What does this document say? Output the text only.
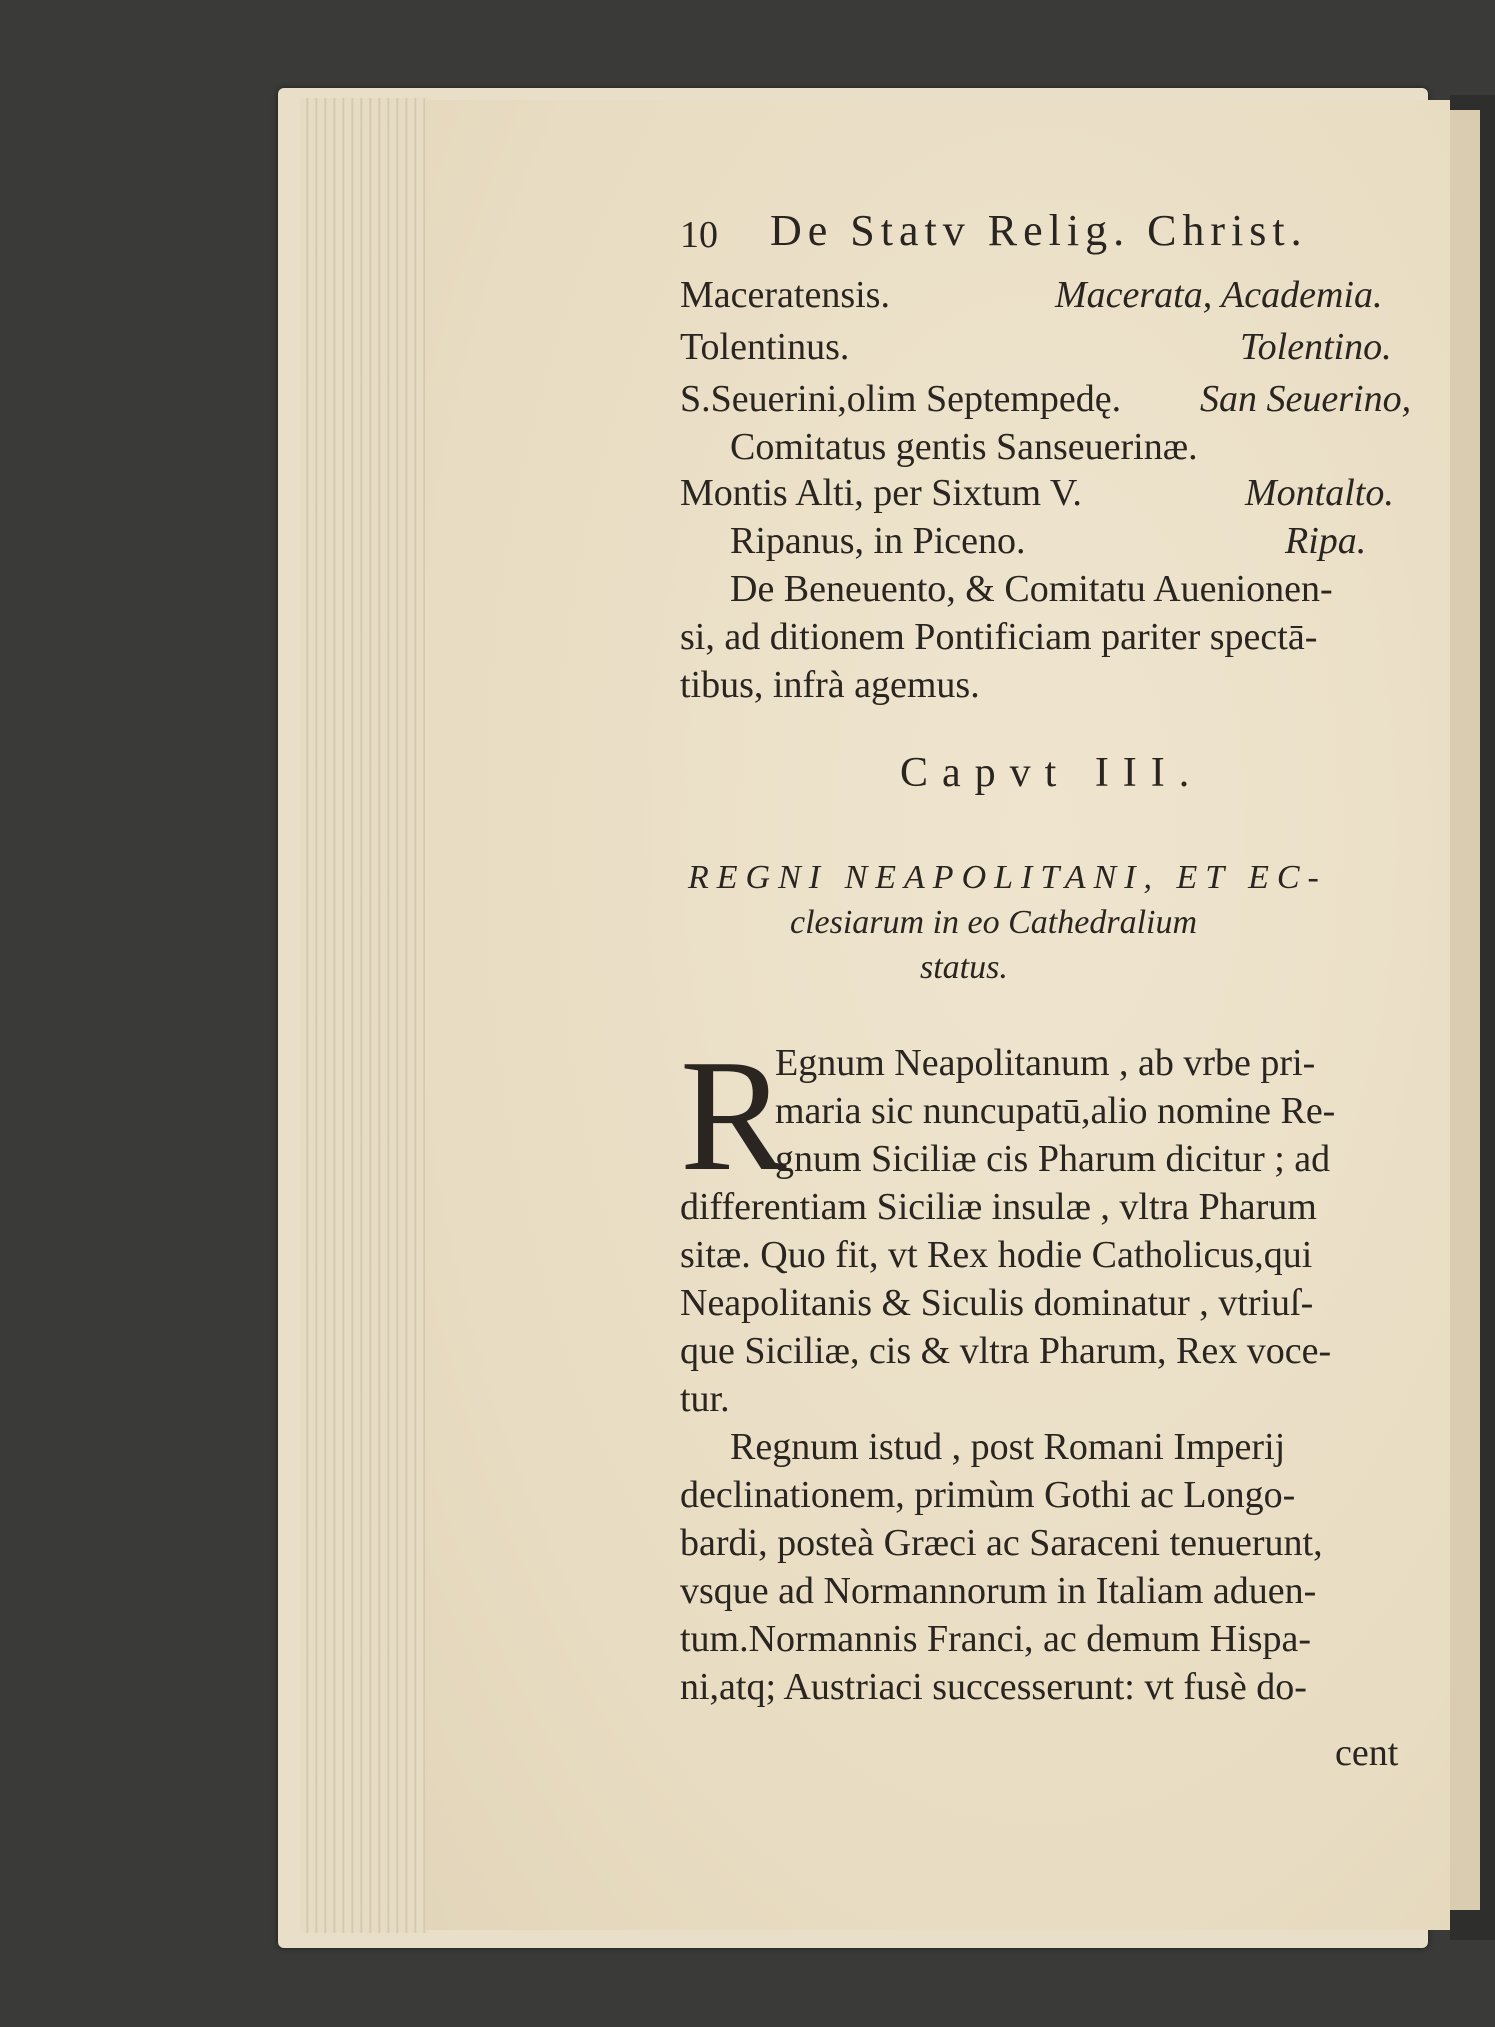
10 De Statv Relig. Christ.

Maceratensis.	Macerata, Academia.

Tolentinus.	Tolentino.

S.Seuerini,olim Septempedę. San Seuerino,

Comitatus gentis Sanseuerinæ.

Montis Alti, per Sixtum V.	Montalto.

Ripanus, in Piceno.	Ripa.

De Beneuento, & Comitatu Auenionen-

si, ad ditionem Pontificiam pariter spectā-

tibus, infrà agemus.

Capvt III.

REGNI NEAPOLITANI, ET EC-

clesiarum in eo Cathedralium

status.

R

Egnum Neapolitanum , ab vrbe pri-

maria sic nuncupatū,alio nomine Re-

gnum Siciliæ cis Pharum dicitur ; ad

differentiam Siciliæ insulæ , vltra Pharum

sitæ. Quo fit, vt Rex hodie Catholicus,qui

Neapolitanis & Siculis dominatur , vtriuſ-

que Siciliæ, cis & vltra Pharum, Rex voce-

tur.

Regnum istud , post Romani Imperij

declinationem, primùm Gothi ac Longo-

bardi, posteà Græci ac Saraceni tenuerunt,

vsque ad Normannorum in Italiam aduen-

tum.Normannis Franci, ac demum Hispa-

ni,atq; Austriaci successerunt: vt fusè do-

cent
